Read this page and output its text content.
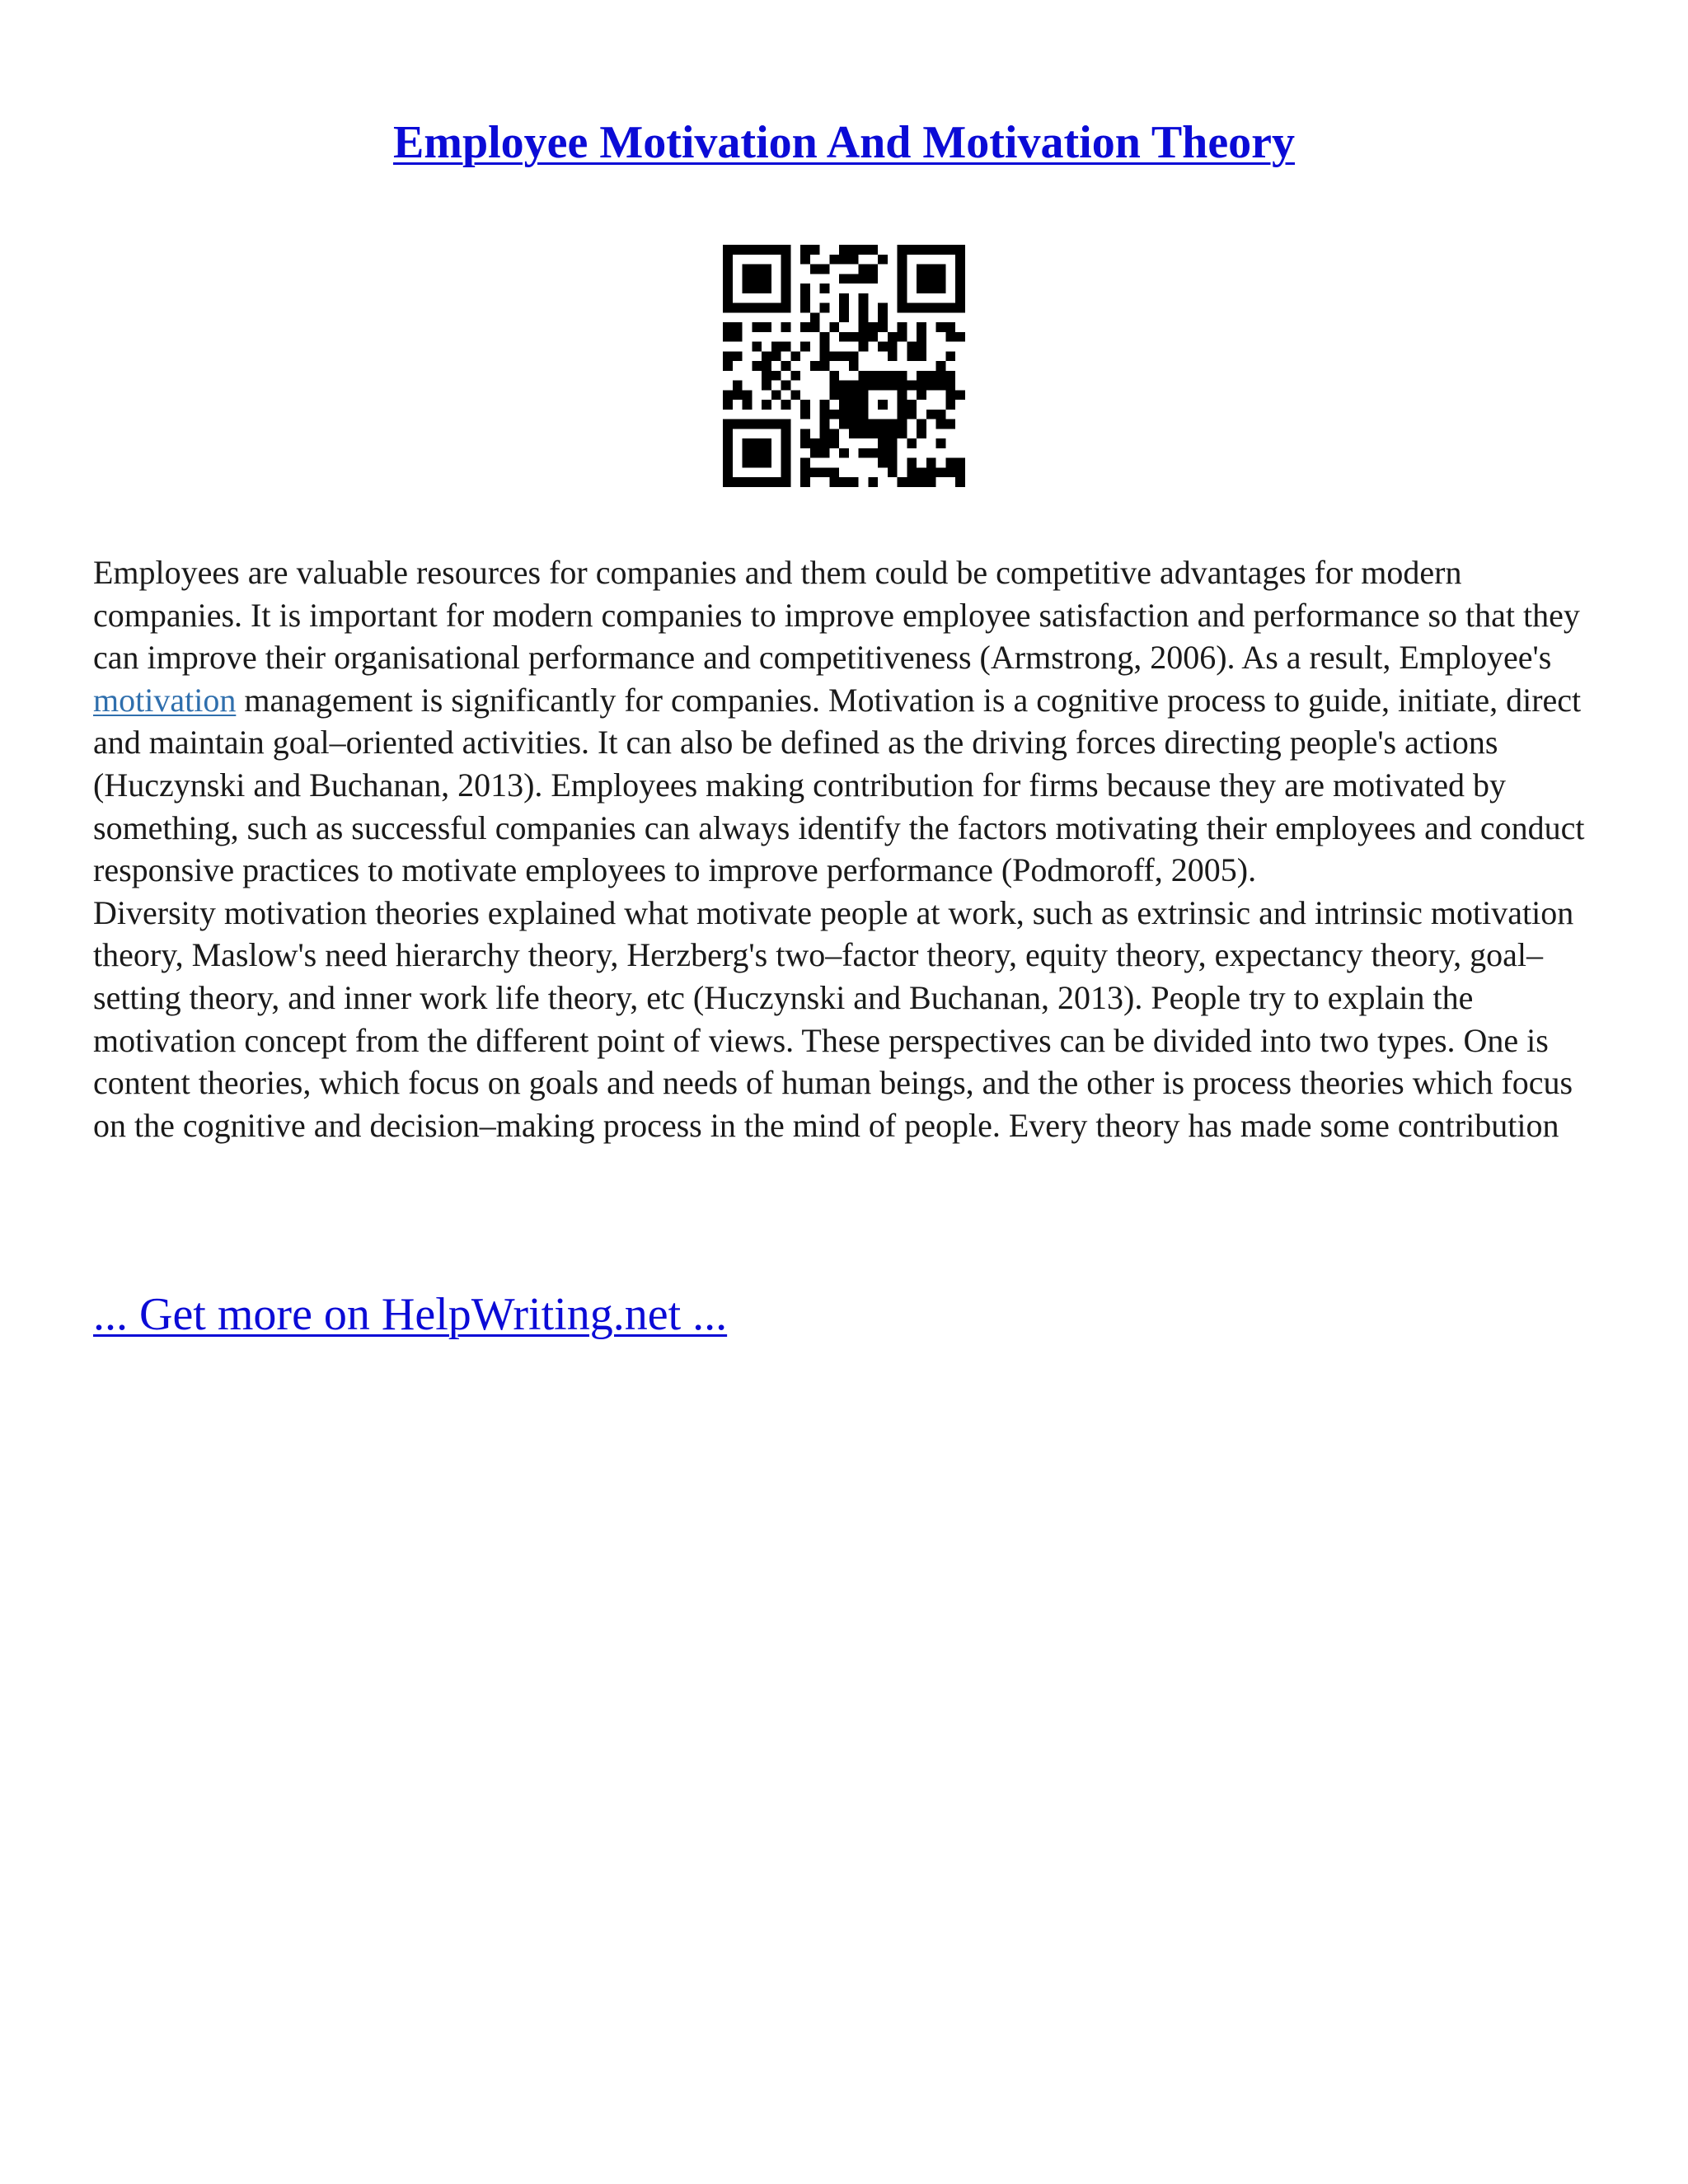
Employee Motivation And Motivation Theory

Employees are valuable resources for companies and them could be competitive advantages for modern companies. It is important for modern companies to improve employee satisfaction and performance so that they can improve their organisational performance and competitiveness (Armstrong, 2006). As a result, Employee's motivation management is significantly for companies. Motivation is a cognitive process to guide, initiate, direct and maintain goal–oriented activities. It can also be defined as the driving forces directing people's actions (Huczynski and Buchanan, 2013). Employees making contribution for firms because they are motivated by something, such as successful companies can always identify the factors motivating their employees and conduct responsive practices to motivate employees to improve performance (Podmoroff, 2005).

Diversity motivation theories explained what motivate people at work, such as extrinsic and intrinsic motivation theory, Maslow's need hierarchy theory, Herzberg's two–factor theory, equity theory, expectancy theory, goal–setting theory, and inner work life theory, etc (Huczynski and Buchanan, 2013). People try to explain the motivation concept from the different point of views. These perspectives can be divided into two types. One is content theories, which focus on goals and needs of human beings, and the other is process theories which focus on the cognitive and decision–making process in the mind of people. Every theory has made some contribution

... Get more on HelpWriting.net ...
